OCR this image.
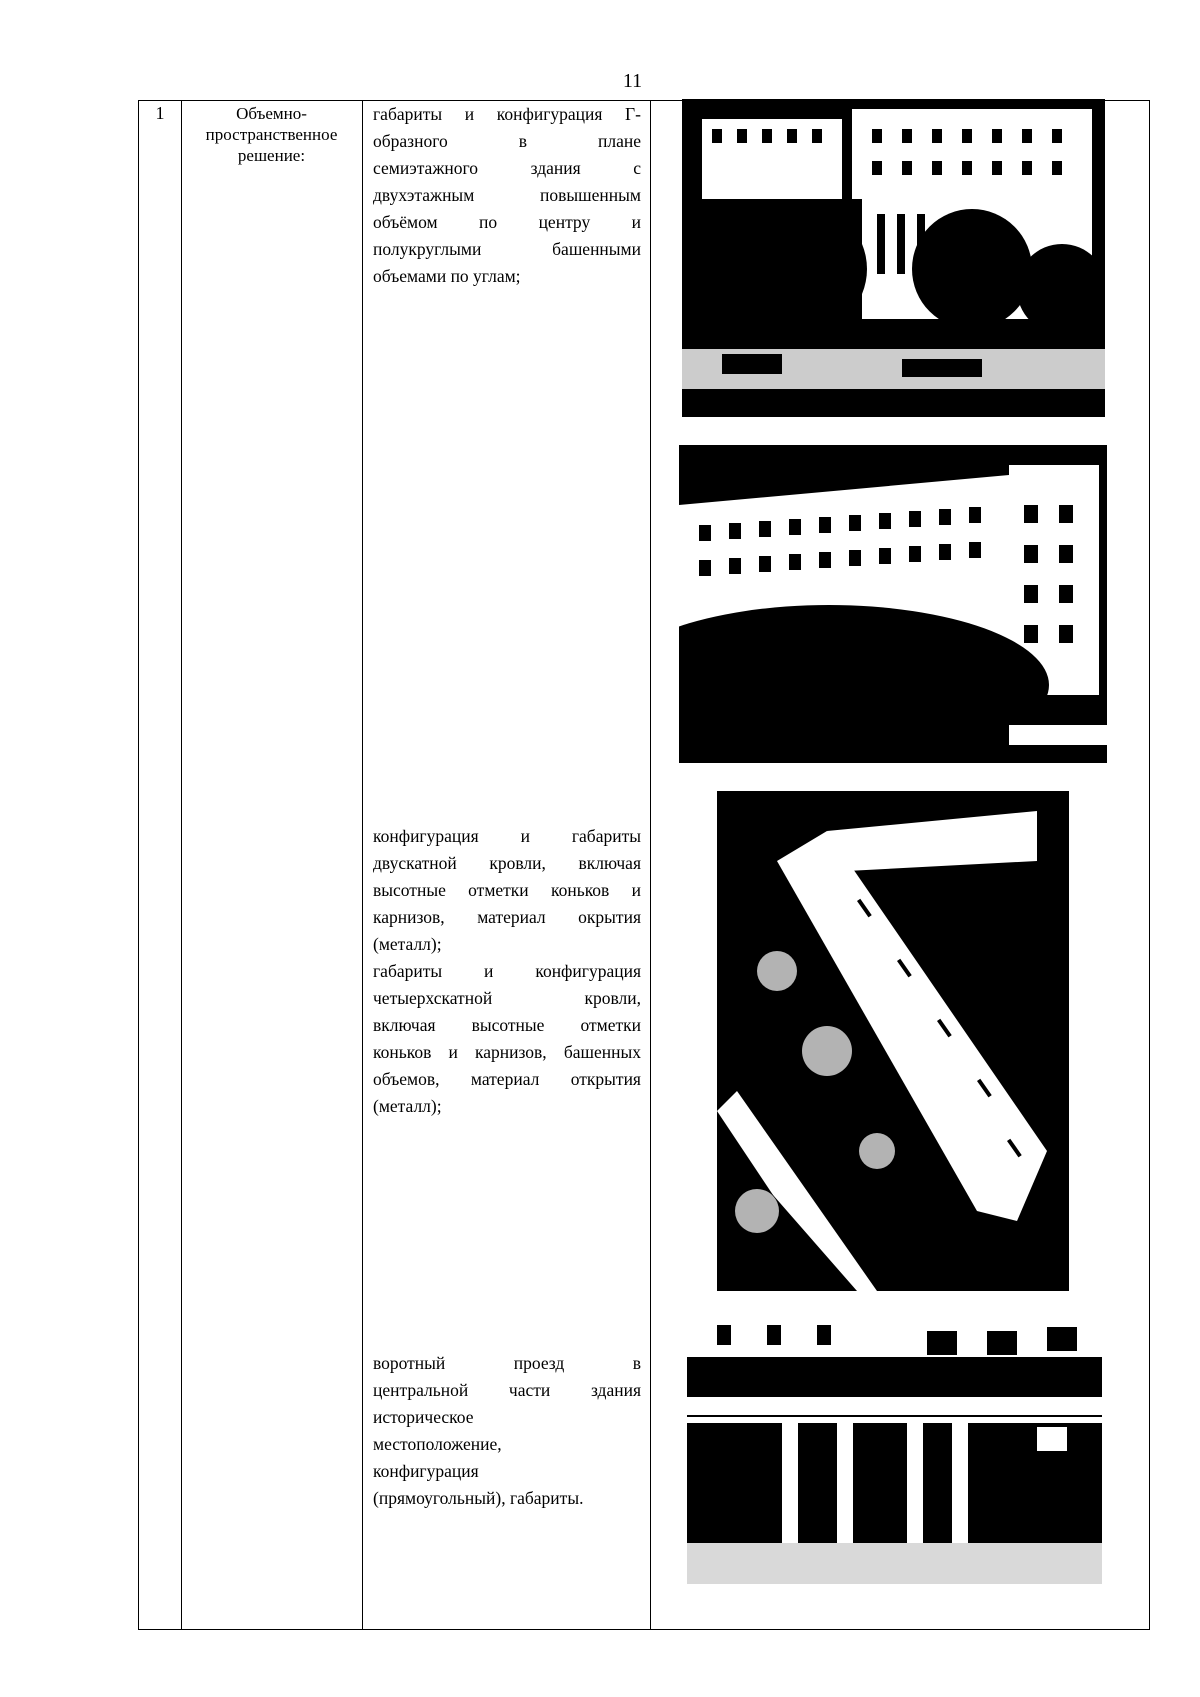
11
1	Объемно-
пространственное
решение:
габариты и конфигурация Г-
образного в плане
семиэтажного здания с
двухэтажным повышенным
объёмом по центру и
полукруглыми башенными
объемами по углам;
конфигурация и габариты
двускатной кровли, включая
высотные отметки коньков и
карнизов, материал окрытия
(металл);
габариты и конфигурация
четыерхскатной кровли,
включая высотные отметки
коньков и карнизов, башенных
объемов, материал открытия
(металл);
воротный проезд в
центральной части здания
историческое
местоположение,
конфигурация
(прямоугольный), габариты.
